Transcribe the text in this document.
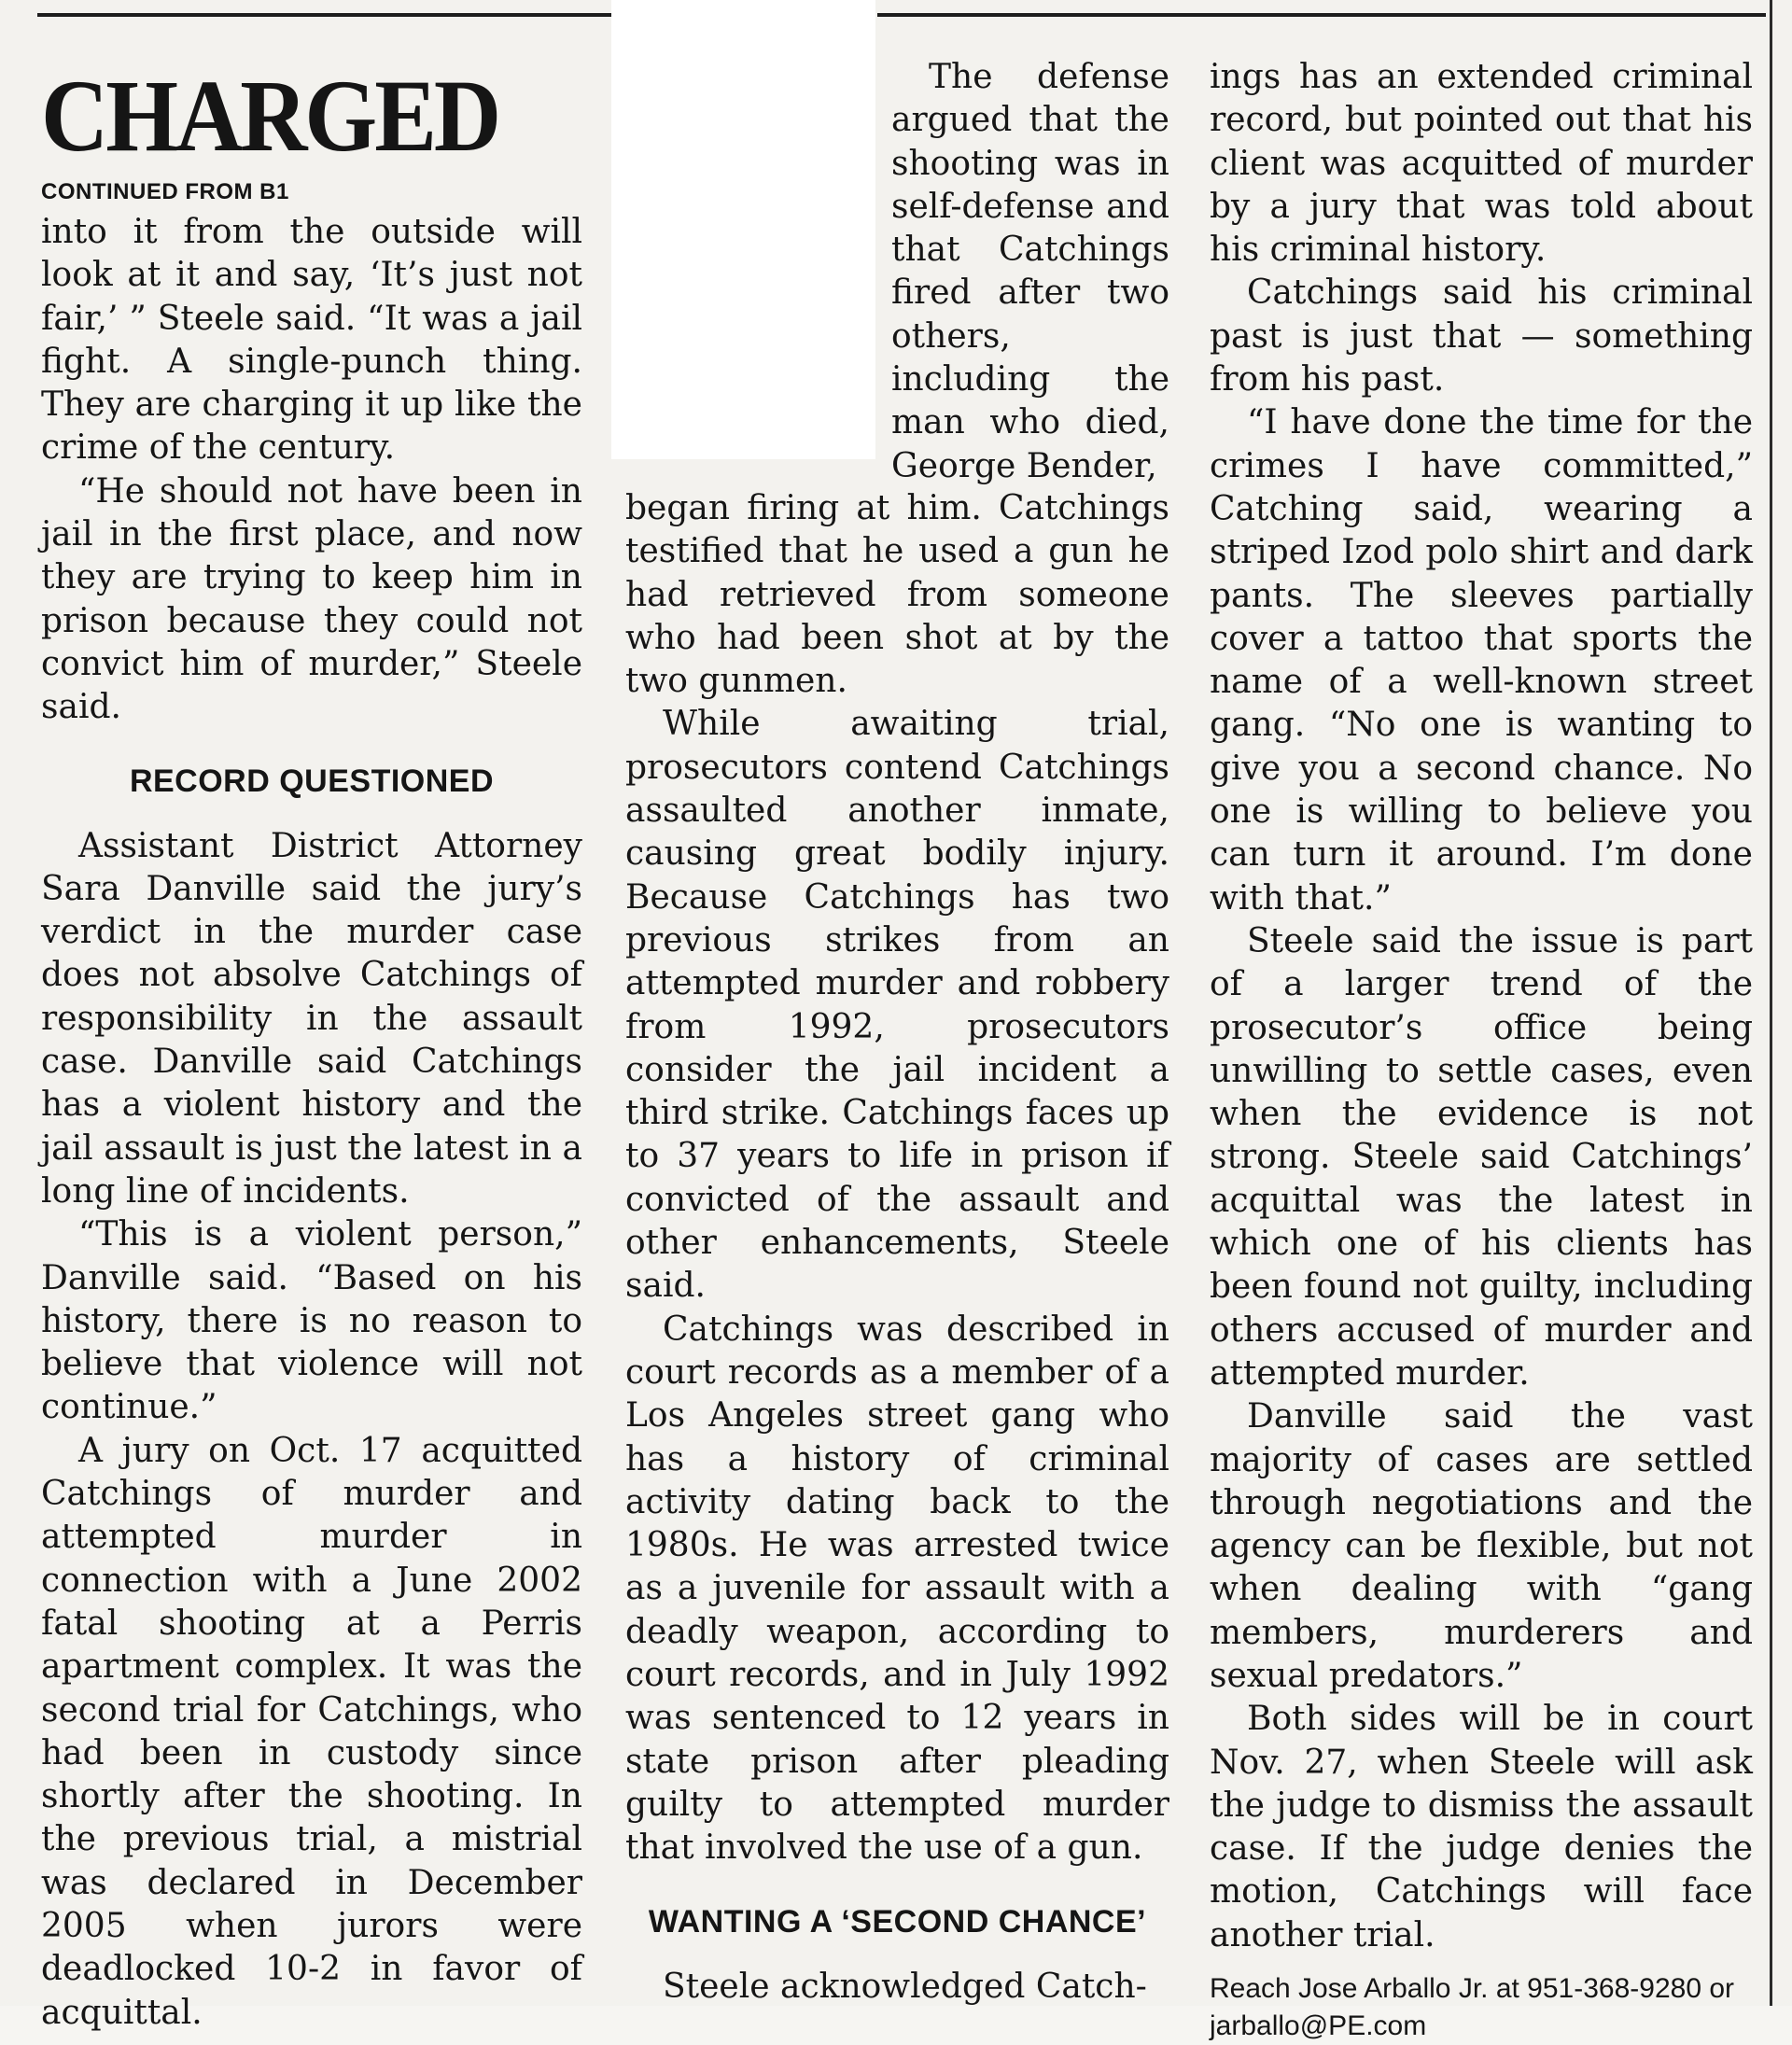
CHARGED
CONTINUED FROM B1

into it from the outside will look at it and say, ‘It’s just not fair,’ ” Steele said. “It was a jail fight. A single-punch thing. They are charging it up like the crime of the century.

“He should not have been in jail in the first place, and now they are trying to keep him in prison because they could not convict him of murder,” Steele said.

RECORD QUESTIONED

Assistant District Attorney Sara Danville said the jury’s verdict in the murder case does not absolve Catchings of responsibility in the assault case. Danville said Catchings has a violent history and the jail assault is just the latest in a long line of incidents.

“This is a violent person,” Danville said. “Based on his history, there is no reason to believe that violence will not continue.”

A jury on Oct. 17 acquitted Catchings of murder and attempted murder in connection with a June 2002 fatal shooting at a Perris apartment complex. It was the second trial for Catchings, who had been in custody since shortly after the shooting. In the previous trial, a mistrial was declared in December 2005 when jurors were deadlocked 10-2 in favor of acquittal.

The defense argued that the shooting was in self-defense and that Catchings fired after two others, including the man who died, George Bender,

began firing at him. Catchings testified that he used a gun he had retrieved from someone who had been shot at by the two gunmen.

While awaiting trial, prosecutors contend Catchings assaulted another inmate, causing great bodily injury. Because Catchings has two previous strikes from an attempted murder and robbery from 1992, prosecutors consider the jail incident a third strike. Catchings faces up to 37 years to life in prison if convicted of the assault and other enhancements, Steele said.

Catchings was described in court records as a member of a Los Angeles street gang who has a history of criminal activity dating back to the 1980s. He was arrested twice as a juvenile for assault with a deadly weapon, according to court records, and in July 1992 was sentenced to 12 years in state prison after pleading guilty to attempted murder that involved the use of a gun.

WANTING A ‘SECOND CHANCE’

Steele acknowledged Catch-

ings has an extended criminal record, but pointed out that his client was acquitted of murder by a jury that was told about his criminal history.

Catchings said his criminal past is just that — something from his past.

“I have done the time for the crimes I have committed,” Catching said, wearing a striped Izod polo shirt and dark pants. The sleeves partially cover a tattoo that sports the name of a well-known street gang. “No one is wanting to give you a second chance. No one is willing to believe you can turn it around. I’m done with that.”

Steele said the issue is part of a larger trend of the prosecutor’s office being unwilling to settle cases, even when the evidence is not strong. Steele said Catchings’ acquittal was the latest in which one of his clients has been found not guilty, including others accused of murder and attempted murder.

Danville said the vast majority of cases are settled through negotiations and the agency can be flexible, but not when dealing with “gang members, murderers and sexual predators.”

Both sides will be in court Nov. 27, when Steele will ask the judge to dismiss the assault case. If the judge denies the motion, Catchings will face another trial.

Reach Jose Arballo Jr. at 951-368-9280 or jarballo@PE.com
